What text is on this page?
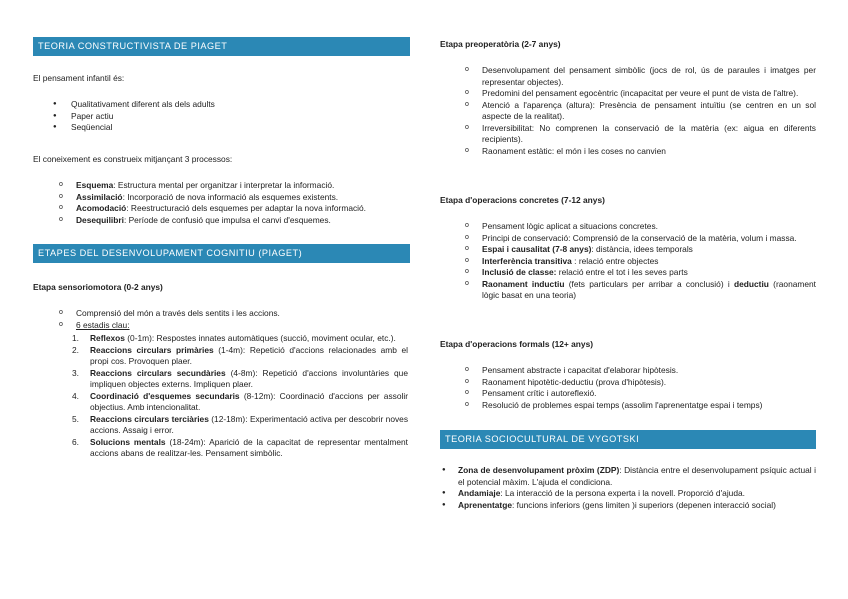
TEORIA CONSTRUCTIVISTA DE PIAGET

El pensament infantil és:

● Qualitativament diferent als dels adults
● Paper actiu
● Seqüencial

El coneixement es construeix mitjançant 3 processos:

o Esquema: Estructura mental per organitzar i interpretar la informació.
o Assimilació: Incorporació de nova informació als esquemes existents.
o Acomodació: Reestructuració dels esquemes per adaptar la nova informació.
o Desequilibri: Període de confusió que impulsa el canvi d'esquemes.
ETAPES DEL DESENVOLUPAMENT COGNITIU (PIAGET)
Etapa sensoriomotora (0-2 anys)
o Comprensió del món a través dels sentits i les accions.
o 6 estadis clau:
1. Reflexos (0-1m): Respostes innates automàtiques (succió, moviment ocular, etc.).
2. Reaccions circulars primàries (1-4m): Repetició d'accions relacionades amb el propi cos. Provoquen plaer.
3. Reaccions circulars secundàries (4-8m): Repetició d'accions involuntàries que impliquen objectes externs. Impliquen plaer.
4. Coordinació d'esquemes secundaris (8-12m): Coordinació d'accions per assolir objectius. Amb intencionalitat.
5. Reaccions circulars terciàries (12-18m): Experimentació activa per descobrir noves accions. Assaig i error.
6. Solucions mentals (18-24m): Aparició de la capacitat de representar mentalment accions abans de realitzar-les. Pensament simbòlic.
Etapa preoperatòria (2-7 anys)
o Desenvolupament del pensament simbòlic (jocs de rol, ús de paraules i imatges per representar objectes).
o Predomini del pensament egocèntric (incapacitat per veure el punt de vista de l'altre).
o Atenció a l'aparença (altura): Presència de pensament intuïtiu (se centren en un sol aspecte de la realitat).
o Irreversibilitat: No comprenen la conservació de la matèria (ex: aigua en diferents recipients).
o Raonament estàtic: el món i les coses no canvien
Etapa d'operacions concretes (7-12 anys)
o Pensament lògic aplicat a situacions concretes.
o Principi de conservació: Comprensió de la conservació de la matèria, volum i massa.
o Espai i causalitat (7-8 anys): distància, idees temporals
o Interferència transitiva : relació entre objectes
o Inclusió de classe: relació entre el tot i les seves parts
o Raonament inductiu (fets particulars per arribar a conclusió) i deductiu (raonament lògic basat en una teoria)
Etapa d'operacions formals (12+ anys)
o Pensament abstracte i capacitat d'elaborar hipòtesis.
o Raonament hipotètic-deductiu (prova d'hipòtesis).
o Pensament crític i autoreflexió.
o Resolució de problemes espai temps (assolim l'aprenentatge espai i temps)
TEORIA SOCIOCULTURAL DE VYGOTSKI
● Zona de desenvolupament pròxim (ZDP): Distància entre el desenvolupament psíquic actual i el potencial màxim. L'ajuda el condiciona.
● Andamiaje: La interacció de la persona experta i la novell. Proporció d'ajuda.
● Aprenentatge: funcions inferiors (gens limiten )i superiors (depenen interacció social)
